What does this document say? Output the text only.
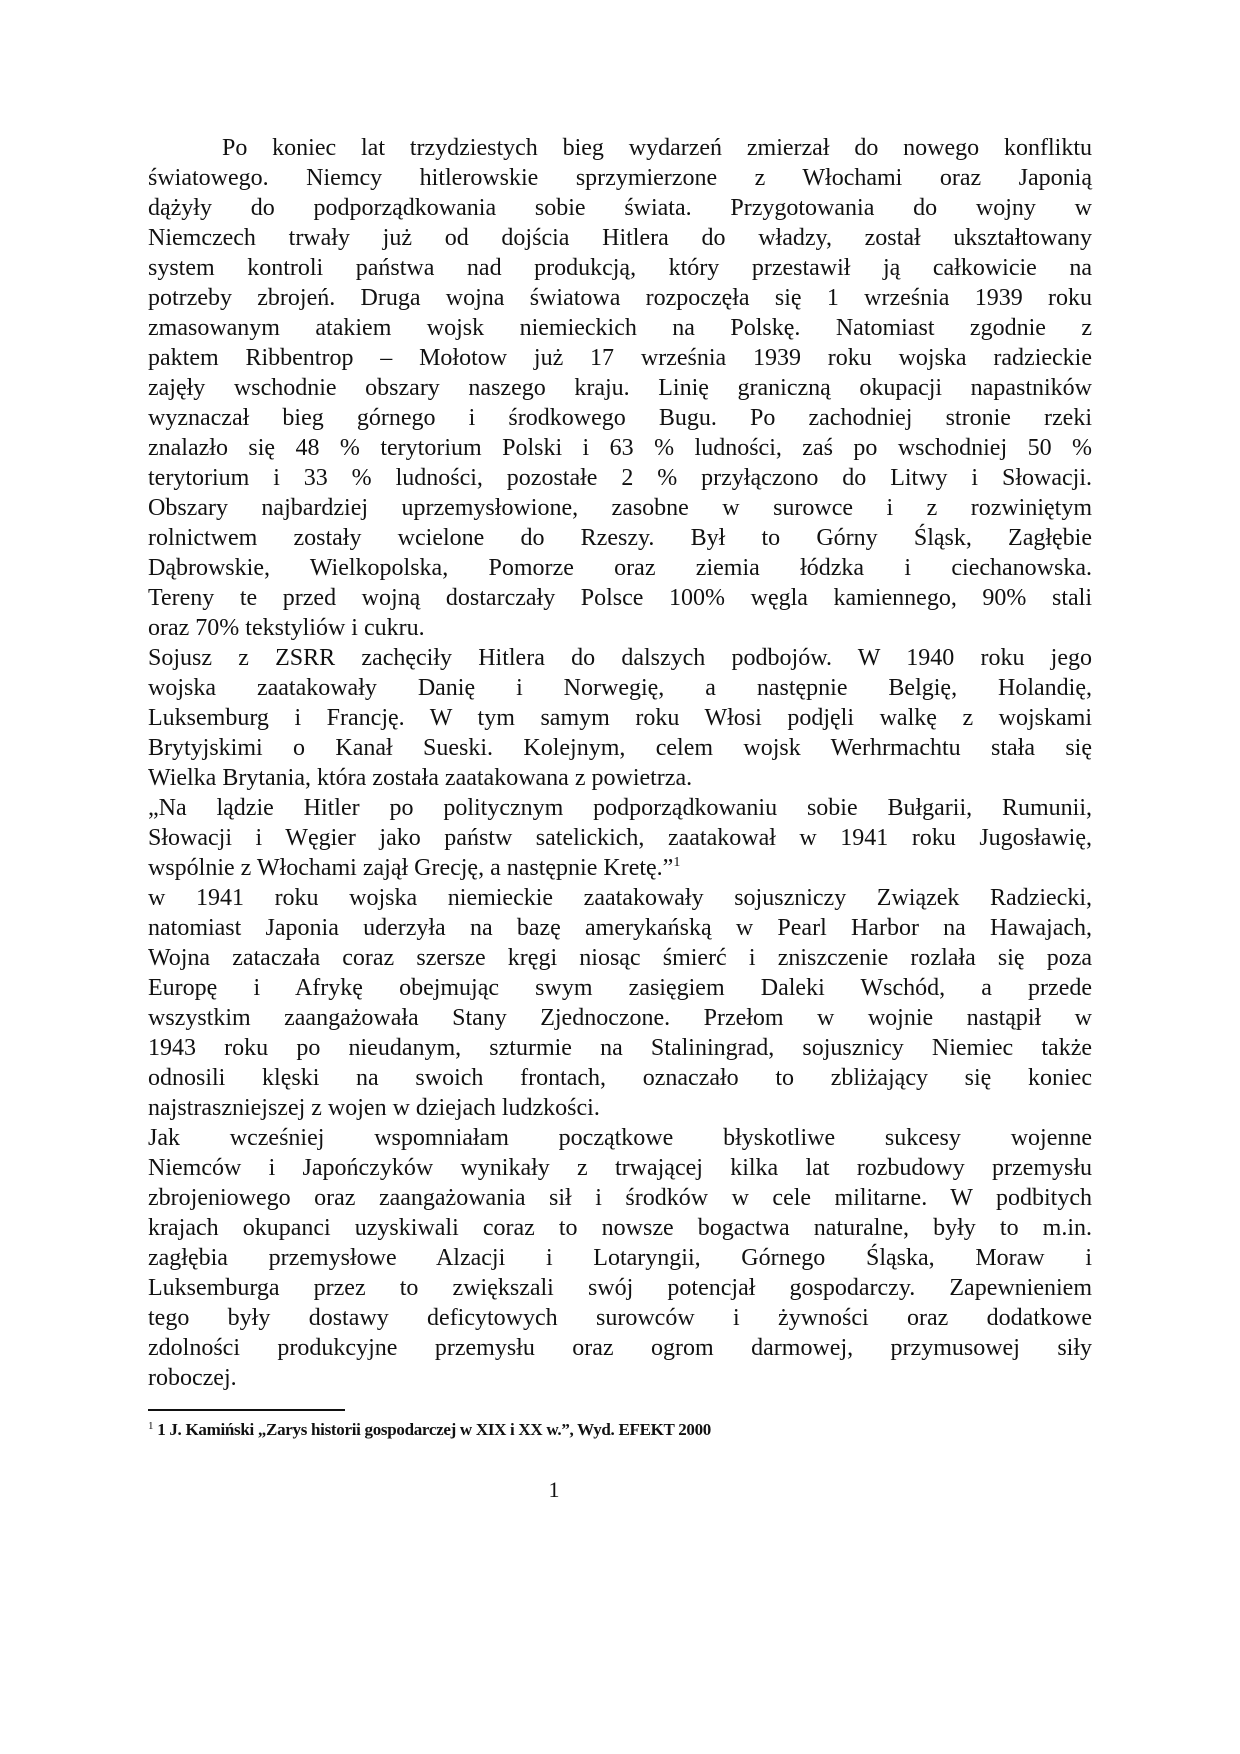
Po koniec lat trzydziestych bieg wydarzeń zmierzał do nowego konfliktu
światowego. Niemcy hitlerowskie sprzymierzone z Włochami oraz Japonią
dążyły do podporządkowania sobie świata. Przygotowania do wojny w
Niemczech trwały już od dojścia Hitlera do władzy, został ukształtowany
system kontroli państwa nad produkcją, który przestawił ją całkowicie na
potrzeby zbrojeń. Druga wojna światowa rozpoczęła się 1 września 1939 roku
zmasowanym atakiem wojsk niemieckich na Polskę. Natomiast zgodnie z
paktem Ribbentrop – Mołotow już 17 września 1939 roku wojska radzieckie
zajęły wschodnie obszary naszego kraju. Linię graniczną okupacji napastników
wyznaczał bieg górnego i środkowego Bugu. Po zachodniej stronie rzeki
znalazło się 48 % terytorium Polski i 63 % ludności, zaś po wschodniej 50 %
terytorium i 33 % ludności, pozostałe 2 % przyłączono do Litwy i Słowacji.
Obszary najbardziej uprzemysłowione, zasobne w surowce i z rozwiniętym
rolnictwem zostały wcielone do Rzeszy. Był to Górny Śląsk, Zagłębie
Dąbrowskie, Wielkopolska, Pomorze oraz ziemia łódzka i ciechanowska.
Tereny te przed wojną dostarczały Polsce 100% węgla kamiennego, 90% stali
oraz 70% tekstyliów i cukru.
Sojusz z ZSRR zachęciły Hitlera do dalszych podbojów. W 1940 roku jego
wojska zaatakowały Danię i Norwegię, a następnie Belgię, Holandię,
Luksemburg i Francję. W tym samym roku Włosi podjęli walkę z wojskami
Brytyjskimi o Kanał Sueski. Kolejnym, celem wojsk Werhrmachtu stała się
Wielka Brytania, która została zaatakowana z powietrza.
„Na lądzie Hitler po politycznym podporządkowaniu sobie Bułgarii, Rumunii,
Słowacji i Węgier jako państw satelickich, zaatakował w 1941 roku Jugosławię,
wspólnie z Włochami zajął Grecję, a następnie Kretę.”$^1$
w 1941 roku wojska niemieckie zaatakowały sojuszniczy Związek Radziecki,
natomiast Japonia uderzyła na bazę amerykańską w Pearl Harbor na Hawajach,
Wojna zataczała coraz szersze kręgi niosąc śmierć i zniszczenie rozlała się poza
Europę i Afrykę obejmując swym zasięgiem Daleki Wschód, a przede
wszystkim zaangażowała Stany Zjednoczone. Przełom w wojnie nastąpił w
1943 roku po nieudanym, szturmie na Staliningrad, sojusznicy Niemiec także
odnosili klęski na swoich frontach, oznaczało to zbliżający się koniec
najstraszniejszej z wojen w dziejach ludzkości.
Jak wcześniej wspomniałam początkowe błyskotliwe sukcesy wojenne
Niemców i Japończyków wynikały z trwającej kilka lat rozbudowy przemysłu
zbrojeniowego oraz zaangażowania sił i środków w cele militarne. W podbitych
krajach okupanci uzyskiwali coraz to nowsze bogactwa naturalne, były to m.in.
zagłębia przemysłowe Alzacji i Lotaryngii, Górnego Śląska, Moraw i
Luksemburga przez to zwiększali swój potencjał gospodarczy. Zapewnieniem
tego były dostawy deficytowych surowców i żywności oraz dodatkowe
zdolności produkcyjne przemysłu oraz ogrom darmowej, przymusowej siły
roboczej.
$^1$ 1 J. Kamiński „Zarys historii gospodarczej w XIX i XX w.”, Wyd. EFEKT 2000
1
